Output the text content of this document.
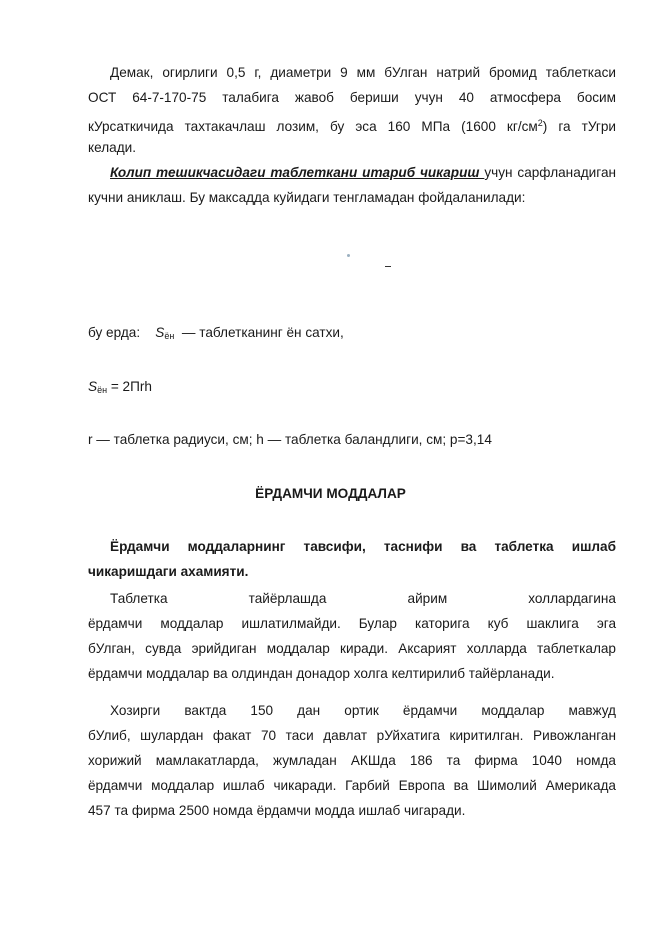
Демак, огирлиги 0,5 г, диаметри 9 мм бУлган натрий бромид таблеткаси
ОСТ 64-7-170-75 талабига жавоб бериши учун 40 атмосфера босим
кУрсаткичида тахтакачлаш лозим, бу эса 160 МПа (1600 $кг/см^2$) га тУгри
келади.
Колип тешикчасидаги таблеткани итариб чикариш учун сарфланадиган
кучни аниклаш. Бу максадда куйидаги тенгламадан фойдаланилади:
бу ерда: $S_{ён}$ — таблетканинг ён сатхи,
$S_{ён} = 2Пrh$
r — таблетка радиуси, см; h — таблетка баландлиги, см; p=3,14
ЁРДАМЧИ МОДДАЛАР
Ёрдамчи моддаларнинг тавсифи, таснифи ва таблетка ишлаб
чикаришдаги ахамияти.
Таблетка	тайёрлашда	айрим	холлардагина
ёрдамчи моддалар ишлатилмайди. Булар каторига куб шаклига эга
бУлган, сувда эрийдиган моддалар киради. Аксарият холларда таблеткалар
ёрдамчи моддалар ва олдиндан донадор холга келтирилиб тайёрланади.
Хозирги вактда 150 дан ортик ёрдамчи моддалар мавжуд
бУлиб, шулардан факат 70 таси давлат рУйхатига киритилган. Ривожланган
хорижий мамлакатларда, жумладан АКШда 186 та фирма 1040 номда
ёрдамчи моддалар ишлаб чикаради. Гарбий Европа ва Шимолий Америкада
457 та фирма 2500 номда ёрдамчи модда ишлаб чигаради.
